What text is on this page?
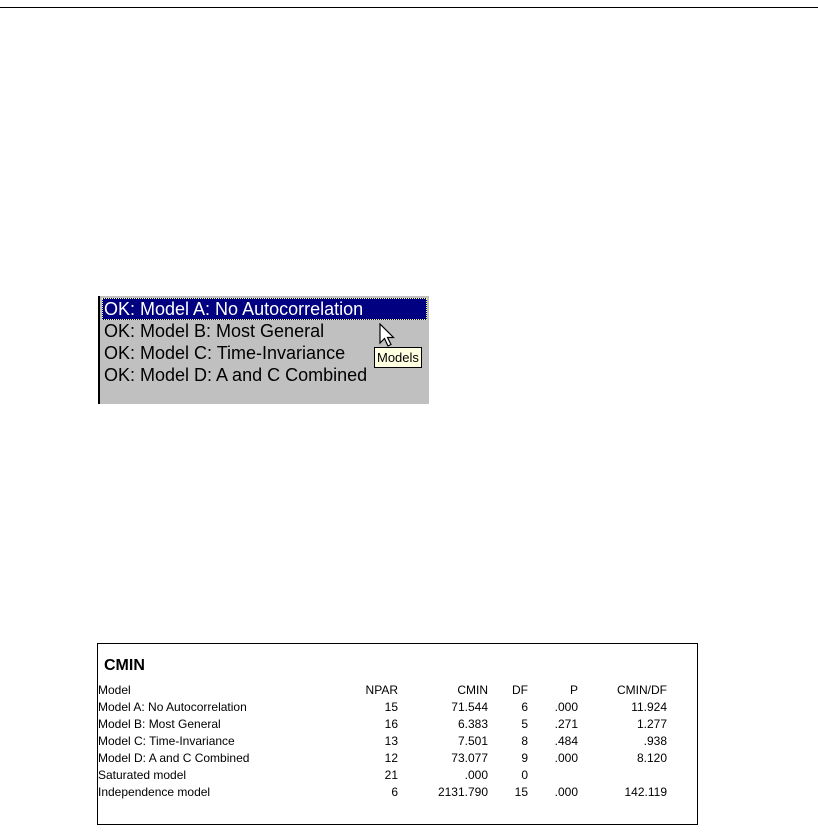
OK: Model A: No Autocorrelation
OK: Model B: Most General
OK: Model C: Time-Invariance
OK: Model D: A and C Combined
Models
CMIN
Model	NPAR	CMIN	DF	P	CMIN/DF
Model A: No Autocorrelation	15	71.544	6	.000	11.924
Model B: Most General	16	6.383	5	.271	1.277
Model C: Time-Invariance	13	7.501	8	.484	.938
Model D: A and C Combined	12	73.077	9	.000	8.120
Saturated model	21	.000	0		
Independence model	6	2131.790	15	.000	142.119
